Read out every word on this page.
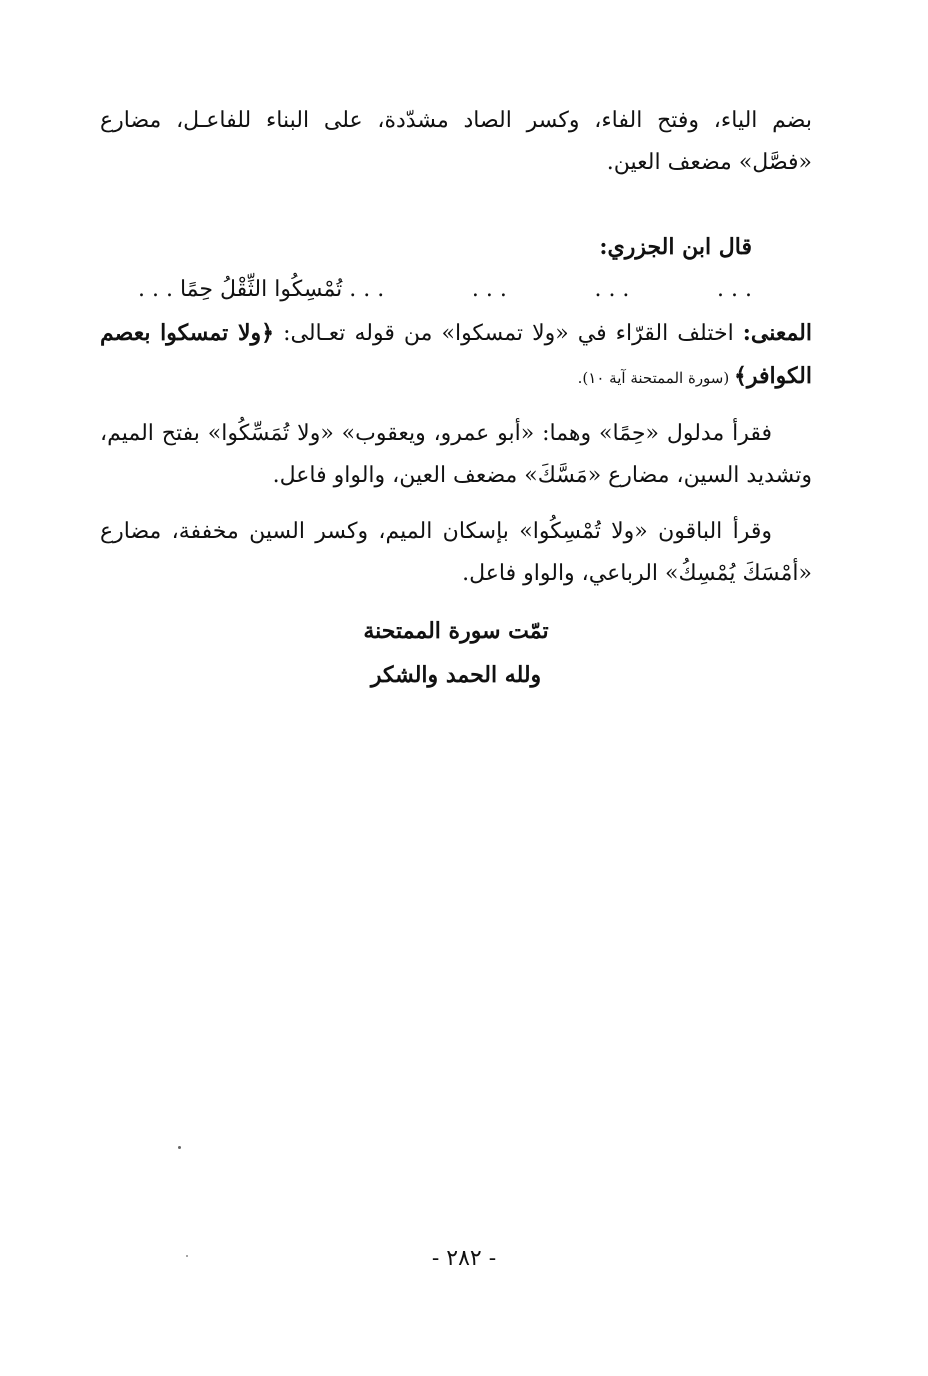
بضم الياء، وفتح الفاء، وكسر الصاد مشدّدة، على البناء للفاعـل، مضارع «فصَّل» مضعف العين.

قال ابن الجزري:

. . .
. . .
. . .
. . . تُمْسِكُوا الثِّقْلُ حِمًا . . .

المعنى: اختلف القرّاء في «ولا تمسكوا» من قوله تعـالى: ﴿ولا تمسكوا بعصم الكوافر﴾ (سورة الممتحنة آية ١٠).

فقرأ مدلول «حِمًا» وهما: «أبو عمرو، ويعقوب» «ولا تُمَسِّكُوا» بفتح الميم، وتشديد السين، مضارع «مَسَّكَ» مضعف العين، والواو فاعل.

وقرأ الباقون «ولا تُمْسِكُوا» بإسكان الميم، وكسر السين مخففة، مضارع «أمْسَكَ يُمْسِكُ» الرباعي، والواو فاعل.

تمّت سورة الممتحنة

ولله الحمد والشكر

- ٢٨٢ -
